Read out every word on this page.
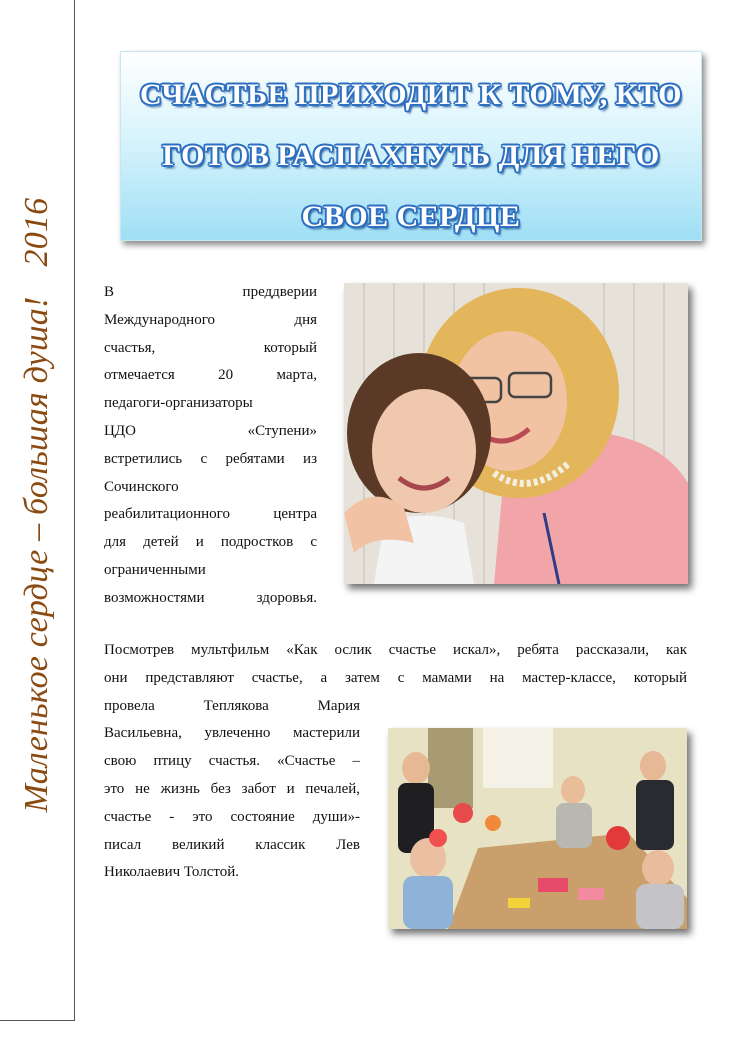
Маленькое сердце – большая душа!2016
СЧАСТЬЕ ПРИХОДИТ К ТОМУ, КТО
ГОТОВ РАСПАХНУТЬ ДЛЯ НЕГО
СВОЕ СЕРДЦЕ
В преддверии
Международного дня
счастья, который
отмечается 20 марта,
педагоги-организаторы
ЦДО «Ступени»
встретились с ребятами из
Сочинского
реабилитационного центра
для детей и подростков с
ограниченными
возможностями здоровья.
Посмотрев мультфильм «Как ослик счастье искал», ребята рассказали, как
они представляют счастье, а затем с мамами на мастер-классе, который
провела Теплякова Мария
Васильевна, увлеченно мастерили
свою птицу счастья. «Счастье –
это не жизнь без забот и печалей,
счастье - это состояние души»-
писал великий классик Лев
Николаевич Толстой.
